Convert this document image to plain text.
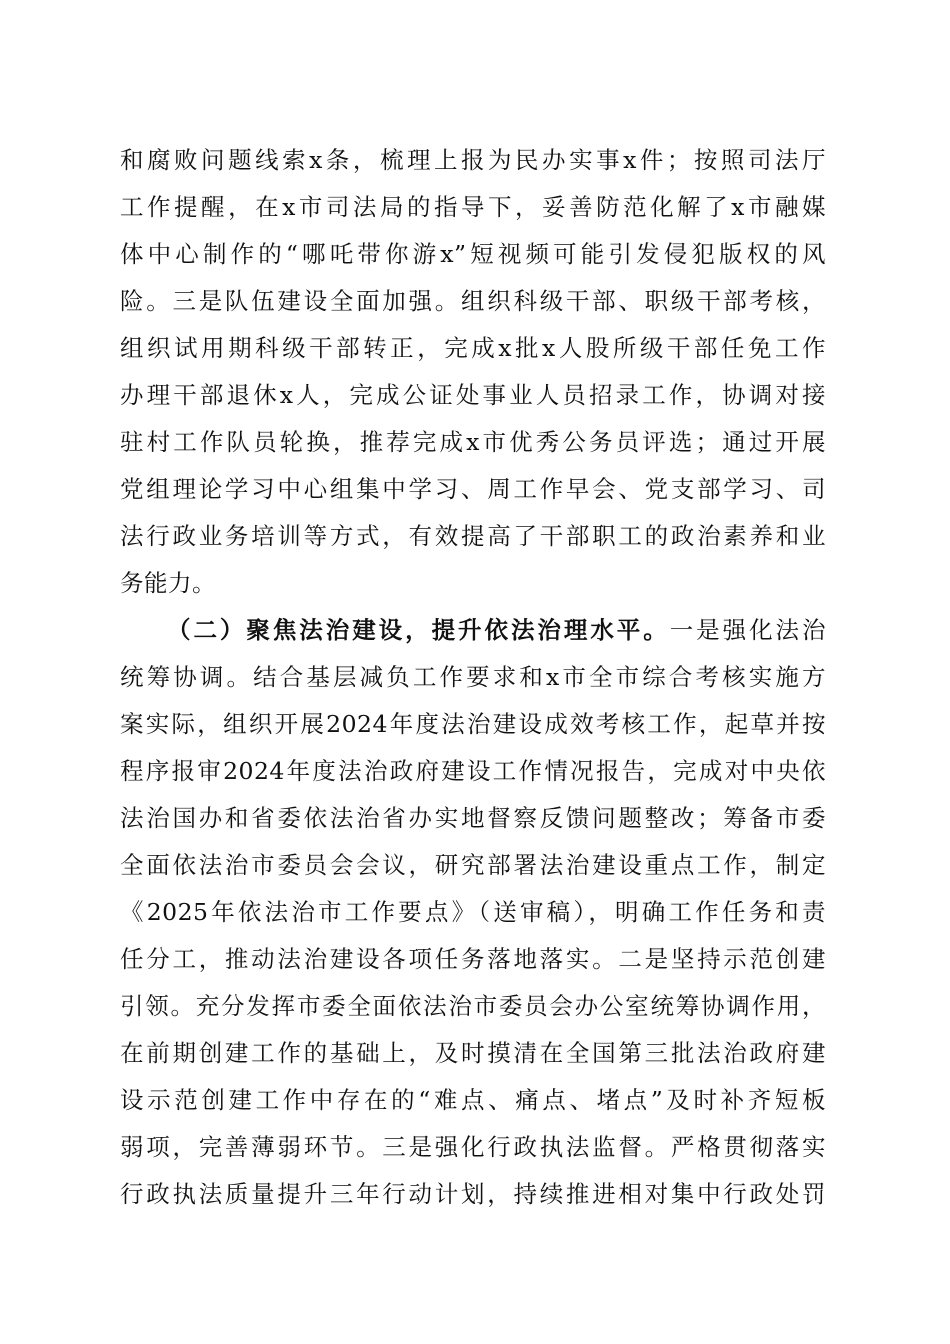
和腐败问题线索x条，梳理上报为民办实事x件；按照司法厅
工作提醒，在x市司法局的指导下，妥善防范化解了x市融媒
体中心制作的“哪吒带你游x”短视频可能引发侵犯版权的风
险。三是队伍建设全面加强。组织科级干部、职级干部考核，
组织试用期科级干部转正，完成x批x人股所级干部任免工作
办理干部退休x人，完成公证处事业人员招录工作，协调对接
驻村工作队员轮换，推荐完成x市优秀公务员评选；通过开展
党组理论学习中心组集中学习、周工作早会、党支部学习、司
法行政业务培训等方式，有效提高了干部职工的政治素养和业
务能力。
（二）聚焦法治建设，提升依法治理水平。一是强化法治
统筹协调。结合基层减负工作要求和x市全市综合考核实施方
案实际，组织开展2024年度法治建设成效考核工作，起草并按
程序报审2024年度法治政府建设工作情况报告，完成对中央依
法治国办和省委依法治省办实地督察反馈问题整改；筹备市委
全面依法治市委员会会议，研究部署法治建设重点工作，制定
《2025年依法治市工作要点》（送审稿），明确工作任务和责
任分工，推动法治建设各项任务落地落实。二是坚持示范创建
引领。充分发挥市委全面依法治市委员会办公室统筹协调作用，
在前期创建工作的基础上，及时摸清在全国第三批法治政府建
设示范创建工作中存在的“难点、痛点、堵点”及时补齐短板
弱项，完善薄弱环节。三是强化行政执法监督。严格贯彻落实
行政执法质量提升三年行动计划，持续推进相对集中行政处罚
